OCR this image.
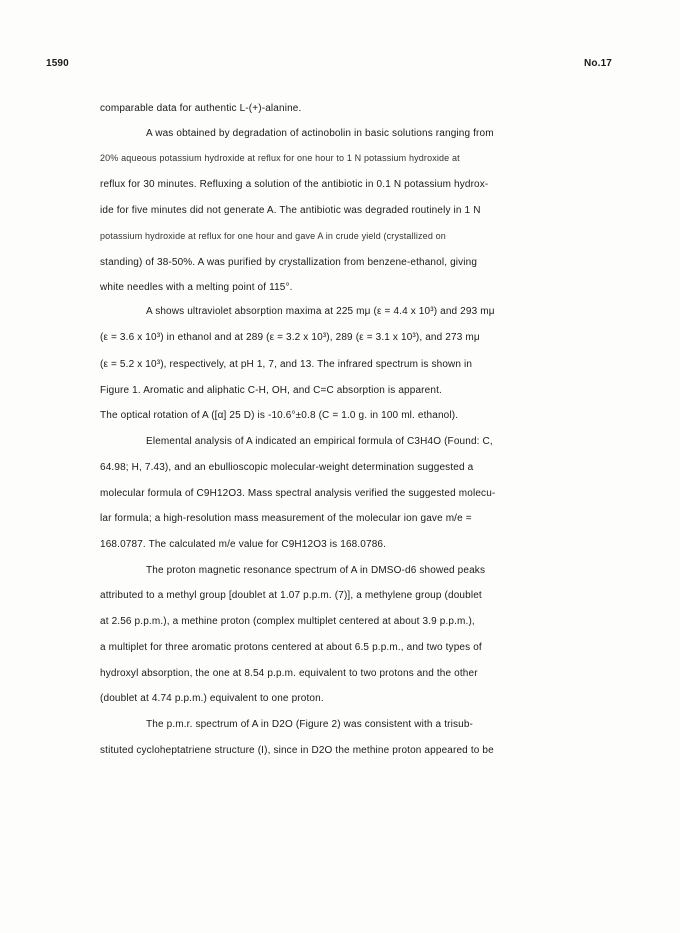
1590	No.17
comparable data for authentic L-(+)-alanine.
A was obtained by degradation of actinobolin in basic solutions ranging from
20% aqueous potassium hydroxide at reflux for one hour to 1 N potassium hydroxide at
reflux for 30 minutes. Refluxing a solution of the antibiotic in 0.1 N potassium hydrox-
ide for five minutes did not generate A. The antibiotic was degraded routinely in 1 N
potassium hydroxide at reflux for one hour and gave A in crude yield (crystallized on
standing) of 38-50%. A was purified by crystallization from benzene-ethanol, giving
white needles with a melting point of 115°.
A shows ultraviolet absorption maxima at 225 mμ (ε = 4.4 x 10³) and 293 mμ
(ε = 3.6 x 10³) in ethanol and at 289 (ε = 3.2 x 10³), 289 (ε = 3.1 x 10³), and 273 mμ
(ε = 5.2 x 10³), respectively, at pH 1, 7, and 13. The infrared spectrum is shown in
Figure 1. Aromatic and aliphatic C-H, OH, and C=C absorption is apparent.
The optical rotation of A ([α] 25 D) is -10.6°±0.8 (C = 1.0 g. in 100 ml. ethanol).
Elemental analysis of A indicated an empirical formula of C3H4O (Found: C,
64.98; H, 7.43), and an ebullioscopic molecular-weight determination suggested a
molecular formula of C9H12O3. Mass spectral analysis verified the suggested molecu-
lar formula; a high-resolution mass measurement of the molecular ion gave m/e =
168.0787. The calculated m/e value for C9H12O3 is 168.0786.
The proton magnetic resonance spectrum of A in DMSO-d6 showed peaks
attributed to a methyl group [doublet at 1.07 p.p.m. (7)], a methylene group (doublet
at 2.56 p.p.m.), a methine proton (complex multiplet centered at about 3.9 p.p.m.),
a multiplet for three aromatic protons centered at about 6.5 p.p.m., and two types of
hydroxyl absorption, the one at 8.54 p.p.m. equivalent to two protons and the other
(doublet at 4.74 p.p.m.) equivalent to one proton.
The p.m.r. spectrum of A in D2O (Figure 2) was consistent with a trisub-
stituted cycloheptatriene structure (I), since in D2O the methine proton appeared to be
